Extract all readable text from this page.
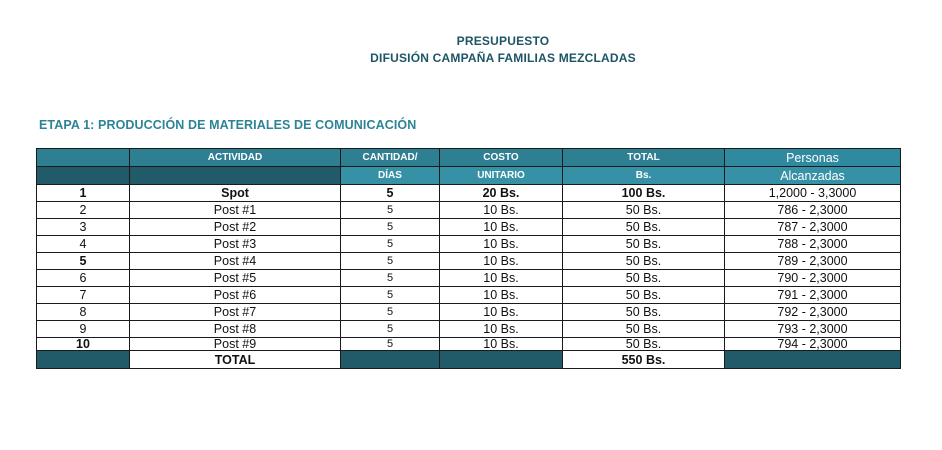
PRESUPUESTO
DIFUSIÓN CAMPAÑA FAMILIAS MEZCLADAS
ETAPA 1: PRODUCCIÓN DE MATERIALES DE COMUNICACIÓN
	ACTIVIDAD	CANTIDAD/	COSTO	TOTAL	Personas
		DÍAS	UNITARIO	Bs.	Alcanzadas
1	Spot	5	20 Bs.	100 Bs.	1,2000 - 3,3000
2	Post #1	5	10 Bs.	50 Bs.	786 - 2,3000
3	Post #2	5	10 Bs.	50 Bs.	787 - 2,3000
4	Post #3	5	10 Bs.	50 Bs.	788 - 2,3000
5	Post #4	5	10 Bs.	50 Bs.	789 - 2,3000
6	Post #5	5	10 Bs.	50 Bs.	790 - 2,3000
7	Post #6	5	10 Bs.	50 Bs.	791 - 2,3000
8	Post #7	5	10 Bs.	50 Bs.	792 - 2,3000
9	Post #8	5	10 Bs.	50 Bs.	793 - 2,3000
10	Post #9	5	10 Bs.	50 Bs.	794 - 2,3000
	TOTAL			550 Bs.	
